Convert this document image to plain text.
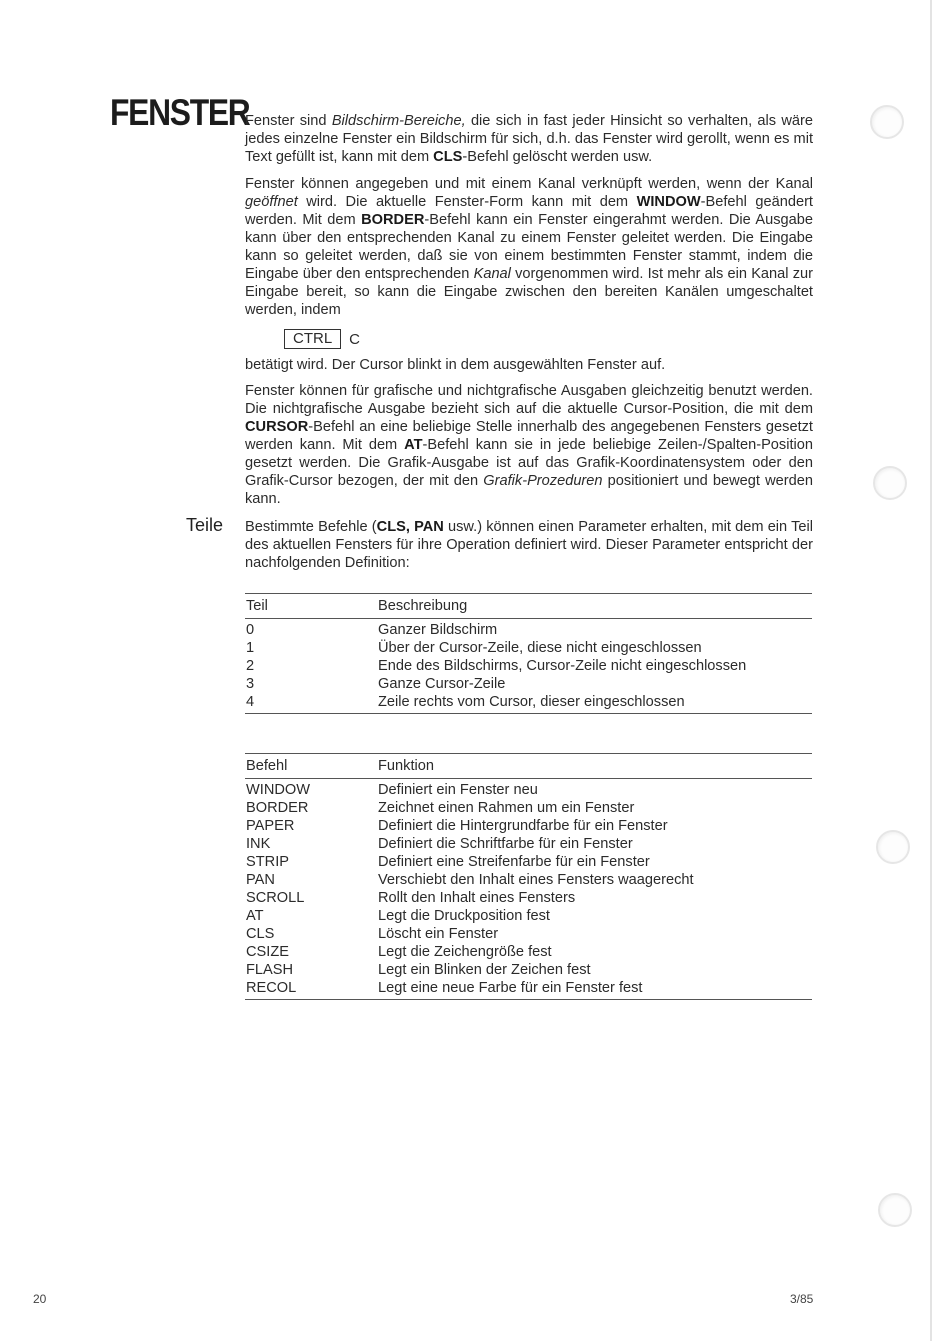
FENSTER
Teile

Fenster sind Bildschirm-Bereiche, die sich in fast jeder Hinsicht so verhalten, als wäre jedes einzelne Fenster ein Bildschirm für sich, d.h. das Fenster wird gerollt, wenn es mit Text gefüllt ist, kann mit dem CLS-Befehl gelöscht werden usw.

Fenster können angegeben und mit einem Kanal verknüpft werden, wenn der Kanal geöffnet wird. Die aktuelle Fenster-Form kann mit dem WINDOW-Befehl geändert werden. Mit dem BORDER-Befehl kann ein Fenster eingerahmt werden. Die Ausgabe kann über den entsprechenden Kanal zu einem Fenster geleitet werden. Die Eingabe kann so geleitet werden, daß sie von einem bestimmten Fenster stammt, indem die Eingabe über den entsprechenden Kanal vorgenommen wird. Ist mehr als ein Kanal zur Eingabe bereit, so kann die Eingabe zwischen den bereiten Kanälen umgeschaltet werden, indem

CTRL	C

betätigt wird. Der Cursor blinkt in dem ausgewählten Fenster auf.

Fenster können für grafische und nichtgrafische Ausgaben gleichzeitig benutzt werden. Die nichtgrafische Ausgabe bezieht sich auf die aktuelle Cursor-Position, die mit dem CURSOR-Befehl an eine beliebige Stelle innerhalb des angegebenen Fensters gesetzt werden kann. Mit dem AT-Befehl kann sie in jede beliebige Zeilen-/Spalten-Position gesetzt werden. Die Grafik-Ausgabe ist auf das Grafik-Koordinatensystem oder den Grafik-Cursor bezogen, der mit den Grafik-Prozeduren positioniert und bewegt werden kann.

Bestimmte Befehle (CLS, PAN usw.) können einen Parameter erhalten, mit dem ein Teil des aktuellen Fensters für ihre Operation definiert wird. Dieser Parameter entspricht der nachfolgenden Definition:

Teil	Beschreibung
0	Ganzer Bildschirm
1	Über der Cursor-Zeile, diese nicht eingeschlossen
2	Ende des Bildschirms, Cursor-Zeile nicht eingeschlossen
3	Ganze Cursor-Zeile
4	Zeile rechts vom Cursor, dieser eingeschlossen
Befehl	Funktion
WINDOW	Definiert ein Fenster neu
BORDER	Zeichnet einen Rahmen um ein Fenster
PAPER	Definiert die Hintergrundfarbe für ein Fenster
INK	Definiert die Schriftfarbe für ein Fenster
STRIP	Definiert eine Streifenfarbe für ein Fenster
PAN	Verschiebt den Inhalt eines Fensters waagerecht
SCROLL	Rollt den Inhalt eines Fensters
AT	Legt die Druckposition fest
CLS	Löscht ein Fenster
CSIZE	Legt die Zeichengröße fest
FLASH	Legt ein Blinken der Zeichen fest
RECOL	Legt eine neue Farbe für ein Fenster fest
20	3/85
